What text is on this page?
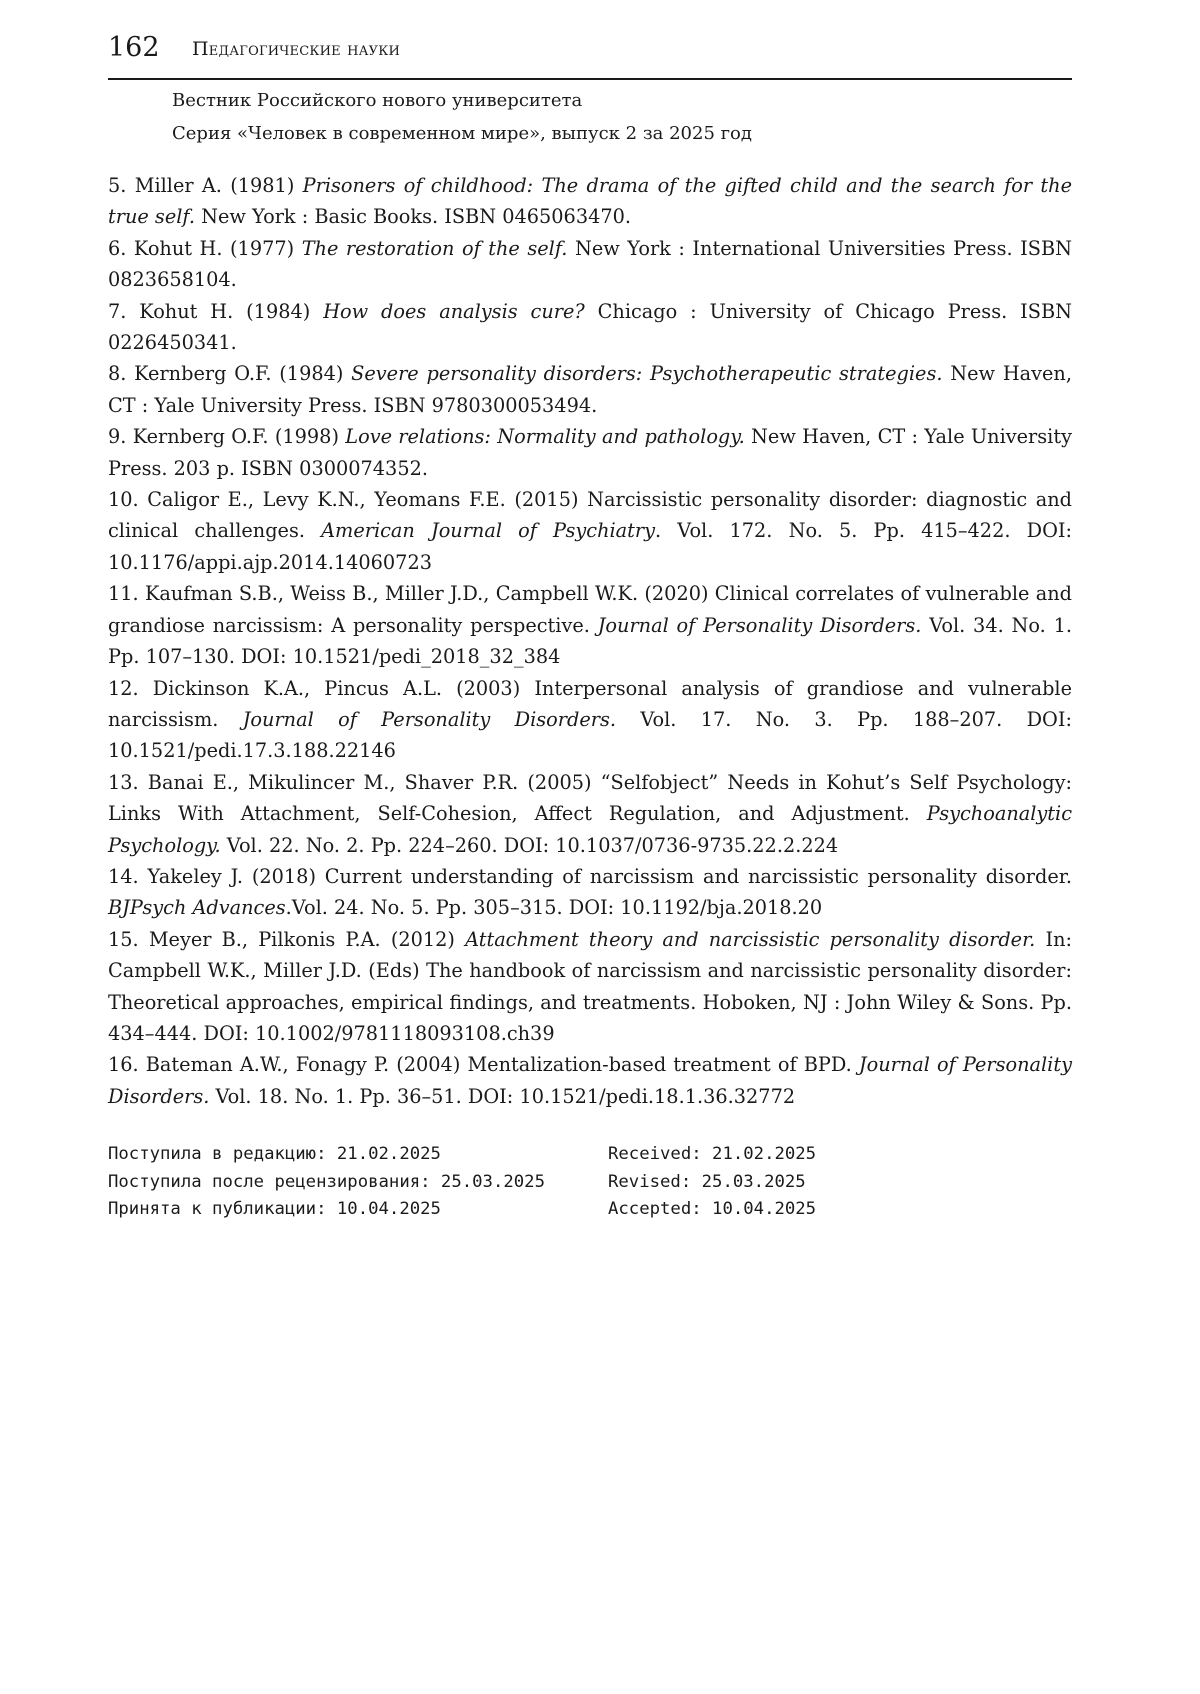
162 Педагогические науки
Вестник Российского нового университета
Серия «Человек в современном мире», выпуск 2 за 2025 год

5. Miller A. (1981) Prisoners of childhood: The drama of the gifted child and the search for the true self. New York : Basic Books. ISBN 0465063470.

6. Kohut H. (1977) The restoration of the self. New York : International Universities Press. ISBN 0823658104.

7. Kohut H. (1984) How does analysis cure? Chicago : University of Chicago Press. ISBN 0226450341.

8. Kernberg O.F. (1984) Severe personality disorders: Psychotherapeutic strategies. New Haven, CT : Yale University Press. ISBN 9780300053494.

9. Kernberg O.F. (1998) Love relations: Normality and pathology. New Haven, CT : Yale University Press. 203 p. ISBN 0300074352.

10. Caligor E., Levy K.N., Yeomans F.E. (2015) Narcissistic personality disorder: diagnostic and clinical challenges. American Journal of Psychiatry. Vol. 172. No. 5. Pp. 415–422. DOI: 10.1176/appi.ajp.2014.14060723

11. Kaufman S.B., Weiss B., Miller J.D., Campbell W.K. (2020) Clinical correlates of vulnerable and grandiose narcissism: A personality perspective. Journal of Personality Disorders. Vol. 34. No. 1. Pp. 107–130. DOI: 10.1521/pedi_2018_32_384

12. Dickinson K.A., Pincus A.L. (2003) Interpersonal analysis of grandiose and vulnerable narcissism. Journal of Personality Disorders. Vol. 17. No. 3. Pp. 188–207. DOI: 10.1521/pedi.17.3.188.22146

13. Banai E., Mikulincer M., Shaver P.R. (2005) “Selfobject” Needs in Kohut’s Self Psychology: Links With Attachment, Self-Cohesion, Affect Regulation, and Adjustment. Psychoanalytic Psychology. Vol. 22. No. 2. Pp. 224–260. DOI: 10.1037/0736-9735.22.2.224

14. Yakeley J. (2018) Current understanding of narcissism and narcissistic personality disorder. BJPsych Advances.Vol. 24. No. 5. Pp. 305–315. DOI: 10.1192/bja.2018.20

15. Meyer B., Pilkonis P.A. (2012) Attachment theory and narcissistic personality disorder. In: Campbell W.K., Miller J.D. (Eds) The handbook of narcissism and narcissistic personality disorder: Theoretical approaches, empirical findings, and treatments. Hoboken, NJ : John Wiley & Sons. Pp. 434–444. DOI: 10.1002/9781118093108.ch39

16. Bateman A.W., Fonagy P. (2004) Mentalization-based treatment of BPD. Journal of Personality Disorders. Vol. 18. No. 1. Pp. 36–51. DOI: 10.1521/pedi.18.1.36.32772

Поступила в редакцию: 21.02.2025
Поступила после рецензирования: 25.03.2025
Принята к публикации: 10.04.2025
Received: 21.02.2025
Revised: 25.03.2025
Accepted: 10.04.2025
